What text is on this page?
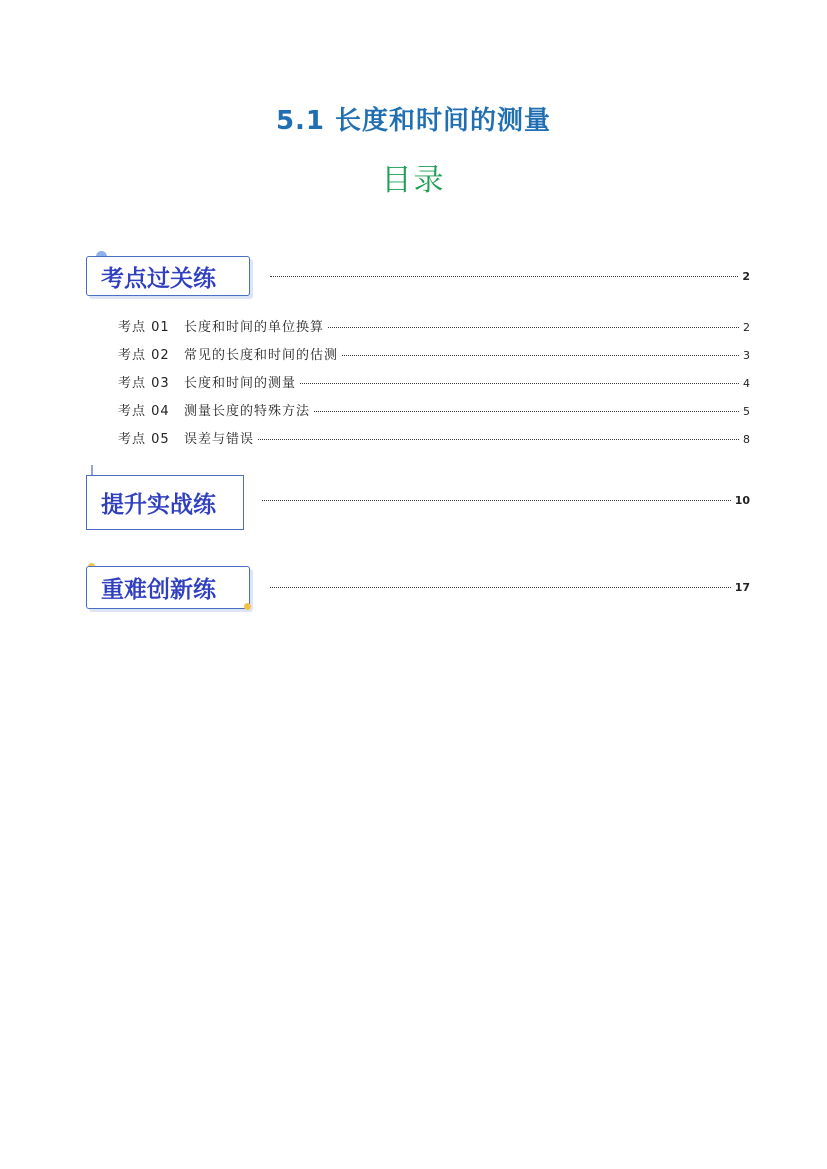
5.1 长度和时间的测量
目录
考点过关练	2
考点 01	长度和时间的单位换算	2
考点 02	常见的长度和时间的估测	3
考点 03	长度和时间的测量	4
考点 04	测量长度的特殊方法	5
考点 05	误差与错误	8
提升实战练	10
重难创新练	17
